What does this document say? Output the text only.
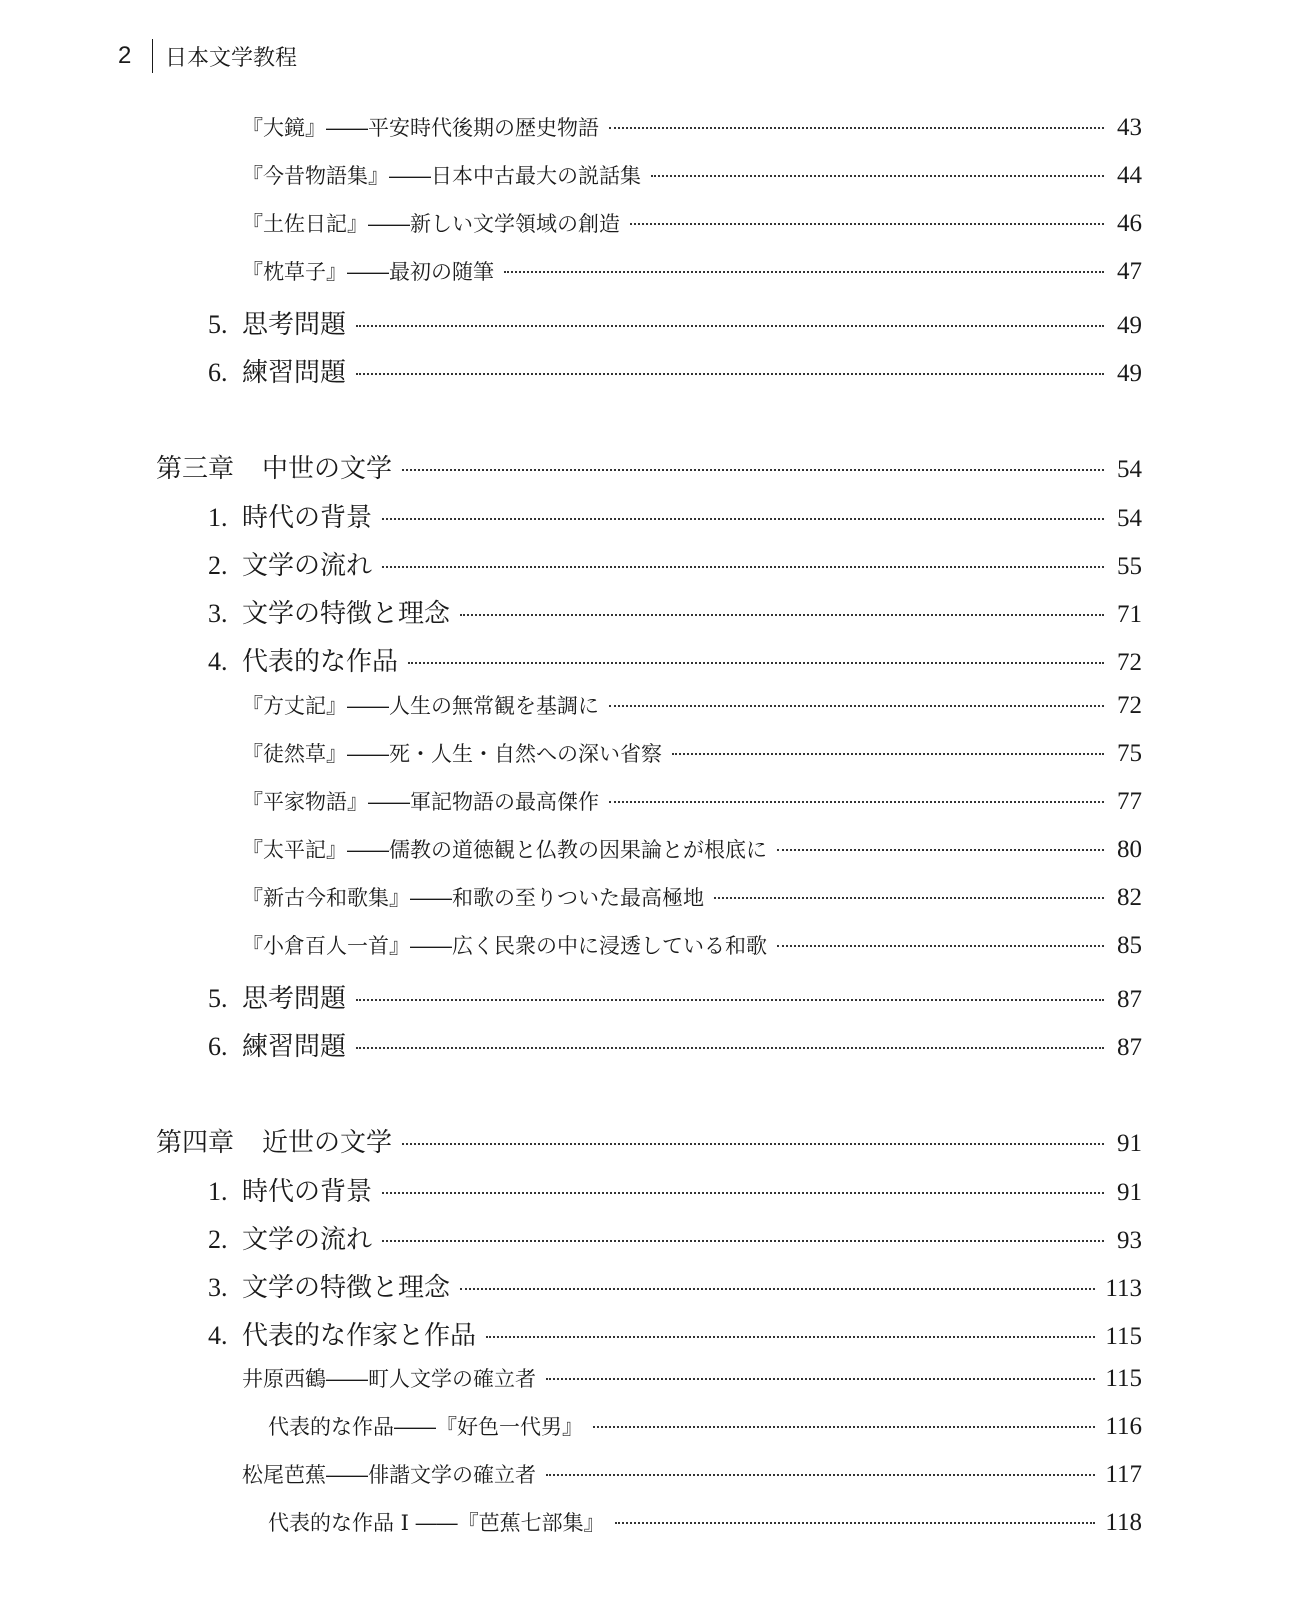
2	日本文学教程
『大鏡』――平安時代後期の歴史物語	43
『今昔物語集』――日本中古最大の説話集	44
『土佐日記』――新しい文学領域の創造	46
『枕草子』――最初の随筆	47
5. 思考問題	49
6. 練習問題	49
第三章 中世の文学	54
1. 時代の背景	54
2. 文学の流れ	55
3. 文学の特徴と理念	71
4. 代表的な作品	72
『方丈記』――人生の無常観を基調に	72
『徒然草』――死・人生・自然への深い省察	75
『平家物語』――軍記物語の最高傑作	77
『太平記』――儒教の道徳観と仏教の因果論とが根底に	80
『新古今和歌集』――和歌の至りついた最高極地	82
『小倉百人一首』――広く民衆の中に浸透している和歌	85
5. 思考問題	87
6. 練習問題	87
第四章 近世の文学	91
1. 時代の背景	91
2. 文学の流れ	93
3. 文学の特徴と理念	113
4. 代表的な作家と作品	115
井原西鶴――町人文学の確立者	115
代表的な作品――『好色一代男』	116
松尾芭蕉――俳諧文学の確立者	117
代表的な作品 I ――『芭蕉七部集』	118
